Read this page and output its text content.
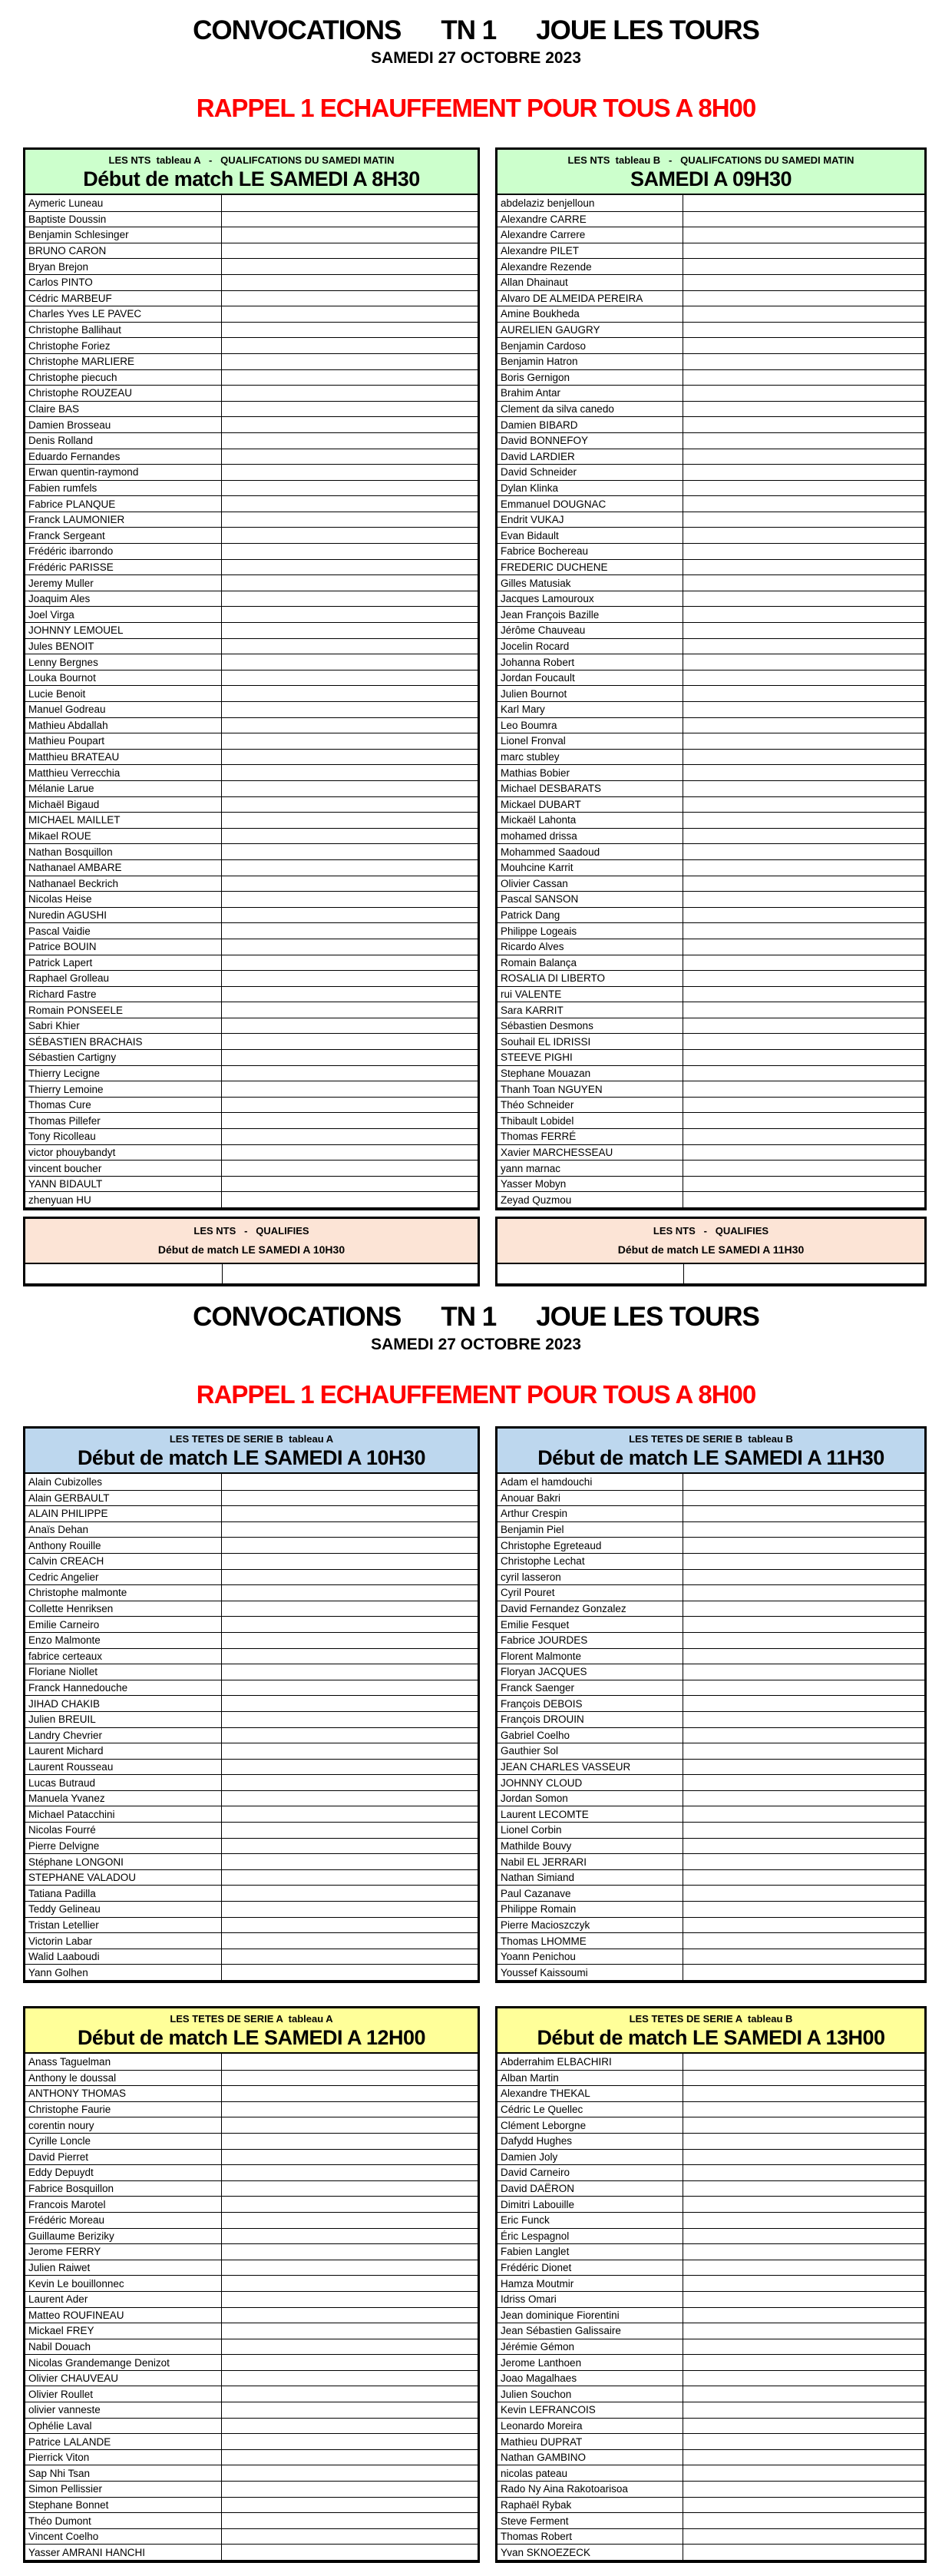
CONVOCATIONS TN 1 JOUE LES TOURS
SAMEDI 27 OCTOBRE 2023
RAPPEL 1 ECHAUFFEMENT POUR TOUS A 8H00
LES NTS  tableau A   -   QUALIFCATIONS DU SAMEDI MATIN
Début de match LE SAMEDI A 8H30
Aymeric Luneau
Baptiste Doussin
Benjamin Schlesinger
BRUNO CARON
Bryan Brejon
Carlos PINTO
Cédric MARBEUF
Charles Yves LE PAVEC
Christophe Ballihaut
Christophe Foriez
Christophe MARLIERE
Christophe piecuch
Christophe ROUZEAU
Claire BAS
Damien Brosseau
Denis Rolland
Eduardo Fernandes
Erwan quentin-raymond
Fabien rumfels
Fabrice PLANQUE
Franck LAUMONIER
Franck Sergeant
Frédéric ibarrondo
Frédéric PARISSE
Jeremy Muller
Joaquim Ales
Joel Virga
JOHNNY LEMOUEL
Jules BENOIT
Lenny Bergnes
Louka Bournot
Lucie Benoit
Manuel Godreau
Mathieu Abdallah
Mathieu Poupart
Matthieu BRATEAU
Matthieu Verrecchia
Mélanie Larue
Michaël Bigaud
MICHAEL MAILLET
Mikael ROUE
Nathan Bosquillon
Nathanael AMBARE
Nathanael Beckrich
Nicolas Heise
Nuredin AGUSHI
Pascal Vaidie
Patrice BOUIN
Patrick Lapert
Raphael Grolleau
Richard Fastre
Romain PONSEELE
Sabri Khier
SÉBASTIEN BRACHAIS
Sébastien Cartigny
Thierry Lecigne
Thierry Lemoine
Thomas Cure
Thomas Pillefer
Tony Ricolleau
victor phouybandyt
vincent boucher
YANN BIDAULT
zhenyuan HU
LES NTS  tableau B   -   QUALIFCATIONS DU SAMEDI MATIN
SAMEDI A 09H30
abdelaziz benjelloun
Alexandre CARRE
Alexandre Carrere
Alexandre PILET
Alexandre Rezende
Allan Dhainaut
Alvaro DE ALMEIDA PEREIRA
Amine Boukheda
AURELIEN GAUGRY
Benjamin Cardoso
Benjamin Hatron
Boris Gernigon
Brahim Antar
Clement da silva canedo
Damien BIBARD
David BONNEFOY
David LARDIER
David Schneider
Dylan Klinka
Emmanuel DOUGNAC
Endrit VUKAJ
Evan Bidault
Fabrice Bochereau
FREDERIC DUCHENE
Gilles Matusiak
Jacques Lamouroux
Jean François Bazille
Jérôme Chauveau
Jocelin Rocard
Johanna Robert
Jordan Foucault
Julien Bournot
Karl Mary
Leo Boumra
Lionel Fronval
marc stubley
Mathias Bobier
Michael DESBARATS
Mickael DUBART
Mickaël Lahonta
mohamed drissa
Mohammed Saadoud
Mouhcine Karrit
Olivier Cassan
Pascal SANSON
Patrick Dang
Philippe Logeais
Ricardo Alves
Romain Balança
ROSALIA DI LIBERTO
rui VALENTE
Sara KARRIT
Sébastien Desmons
Souhail EL IDRISSI
STEEVE PIGHI
Stephane Mouazan
Thanh Toan NGUYEN
Théo Schneider
Thibault Lobidel
Thomas FERRÉ
Xavier MARCHESSEAU
yann marnac
Yasser Mobyn
Zeyad Quzmou
LES NTS   -   QUALIFIES
Début de match LE SAMEDI A 10H30
LES NTS   -   QUALIFIES
Début de match LE SAMEDI A 11H30
CONVOCATIONS TN 1 JOUE LES TOURS
SAMEDI 27 OCTOBRE 2023
RAPPEL 1 ECHAUFFEMENT POUR TOUS A 8H00
LES TETES DE SERIE B  tableau A
Début de match LE SAMEDI A 10H30
Alain Cubizolles
Alain GERBAULT
ALAIN PHILIPPE
Anaïs Dehan
Anthony Rouille
Calvin CREACH
Cedric Angelier
Christophe malmonte
Collette Henriksen
Emilie Carneiro
Enzo Malmonte
fabrice certeaux
Floriane Niollet
Franck Hannedouche
JIHAD CHAKIB
Julien BREUIL
Landry Chevrier
Laurent Michard
Laurent Rousseau
Lucas Butraud
Manuela Yvanez
Michael Patacchini
Nicolas Fourré
Pierre Delvigne
Stéphane LONGONI
STEPHANE VALADOU
Tatiana Padilla
Teddy Gelineau
Tristan Letellier
Victorin Labar
Walid Laaboudi
Yann Golhen
LES TETES DE SERIE B  tableau B
Début de match LE SAMEDI A 11H30
Adam el hamdouchi
Anouar Bakri
Arthur Crespin
Benjamin Piel
Christophe Egreteaud
Christophe Lechat
cyril lasseron
Cyril Pouret
David Fernandez Gonzalez
Emilie Fesquet
Fabrice JOURDES
Florent Malmonte
Floryan JACQUES
Franck Saenger
François DEBOIS
François DROUIN
Gabriel Coelho
Gauthier Sol
JEAN CHARLES VASSEUR
JOHNNY CLOUD
Jordan Somon
Laurent LECOMTE
Lionel Corbin
Mathilde Bouvy
Nabil EL JERRARI
Nathan Simiand
Paul Cazanave
Philippe Romain
Pierre Macioszczyk
Thomas LHOMME
Yoann Penichou
Youssef Kaissoumi
LES TETES DE SERIE A  tableau A
Début de match LE SAMEDI A 12H00
Anass Taguelman
Anthony le doussal
ANTHONY THOMAS
Christophe Faurie
corentin noury
Cyrille Loncle
David Pierret
Eddy Depuydt
Fabrice Bosquillon
Francois Marotel
Frédéric Moreau
Guillaume Beriziky
Jerome FERRY
Julien Raiwet
Kevin Le bouillonnec
Laurent Ader
Matteo ROUFINEAU
Mickael FREY
Nabil Douach
Nicolas Grandemange Denizot
Olivier CHAUVEAU
Olivier Roullet
olivier vanneste
Ophélie Laval
Patrice LALANDE
Pierrick Viton
Sap Nhi Tsan
Simon Pellissier
Stephane Bonnet
Théo Dumont
Vincent Coelho
Yasser AMRANI HANCHI
LES TETES DE SERIE A  tableau B
Début de match LE SAMEDI A 13H00
Abderrahim ELBACHIRI
Alban Martin
Alexandre THEKAL
Cédric Le Quellec
Clément Leborgne
Dafydd Hughes
Damien Joly
David Carneiro
David DAËRON
Dimitri Labouille
Eric Funck
Éric Lespagnol
Fabien Langlet
Frédéric Dionet
Hamza Moutmir
Idriss Omari
Jean dominique Fiorentini
Jean Sébastien Galissaire
Jérémie Gémon
Jerome Lanthoen
Joao Magalhaes
Julien Souchon
Kevin LEFRANCOIS
Leonardo Moreira
Mathieu DUPRAT
Nathan GAMBINO
nicolas pateau
Rado Ny Aina Rakotoarisoa
Raphaël Rybak
Steve Ferment
Thomas Robert
Yvan SKNOEZECK
